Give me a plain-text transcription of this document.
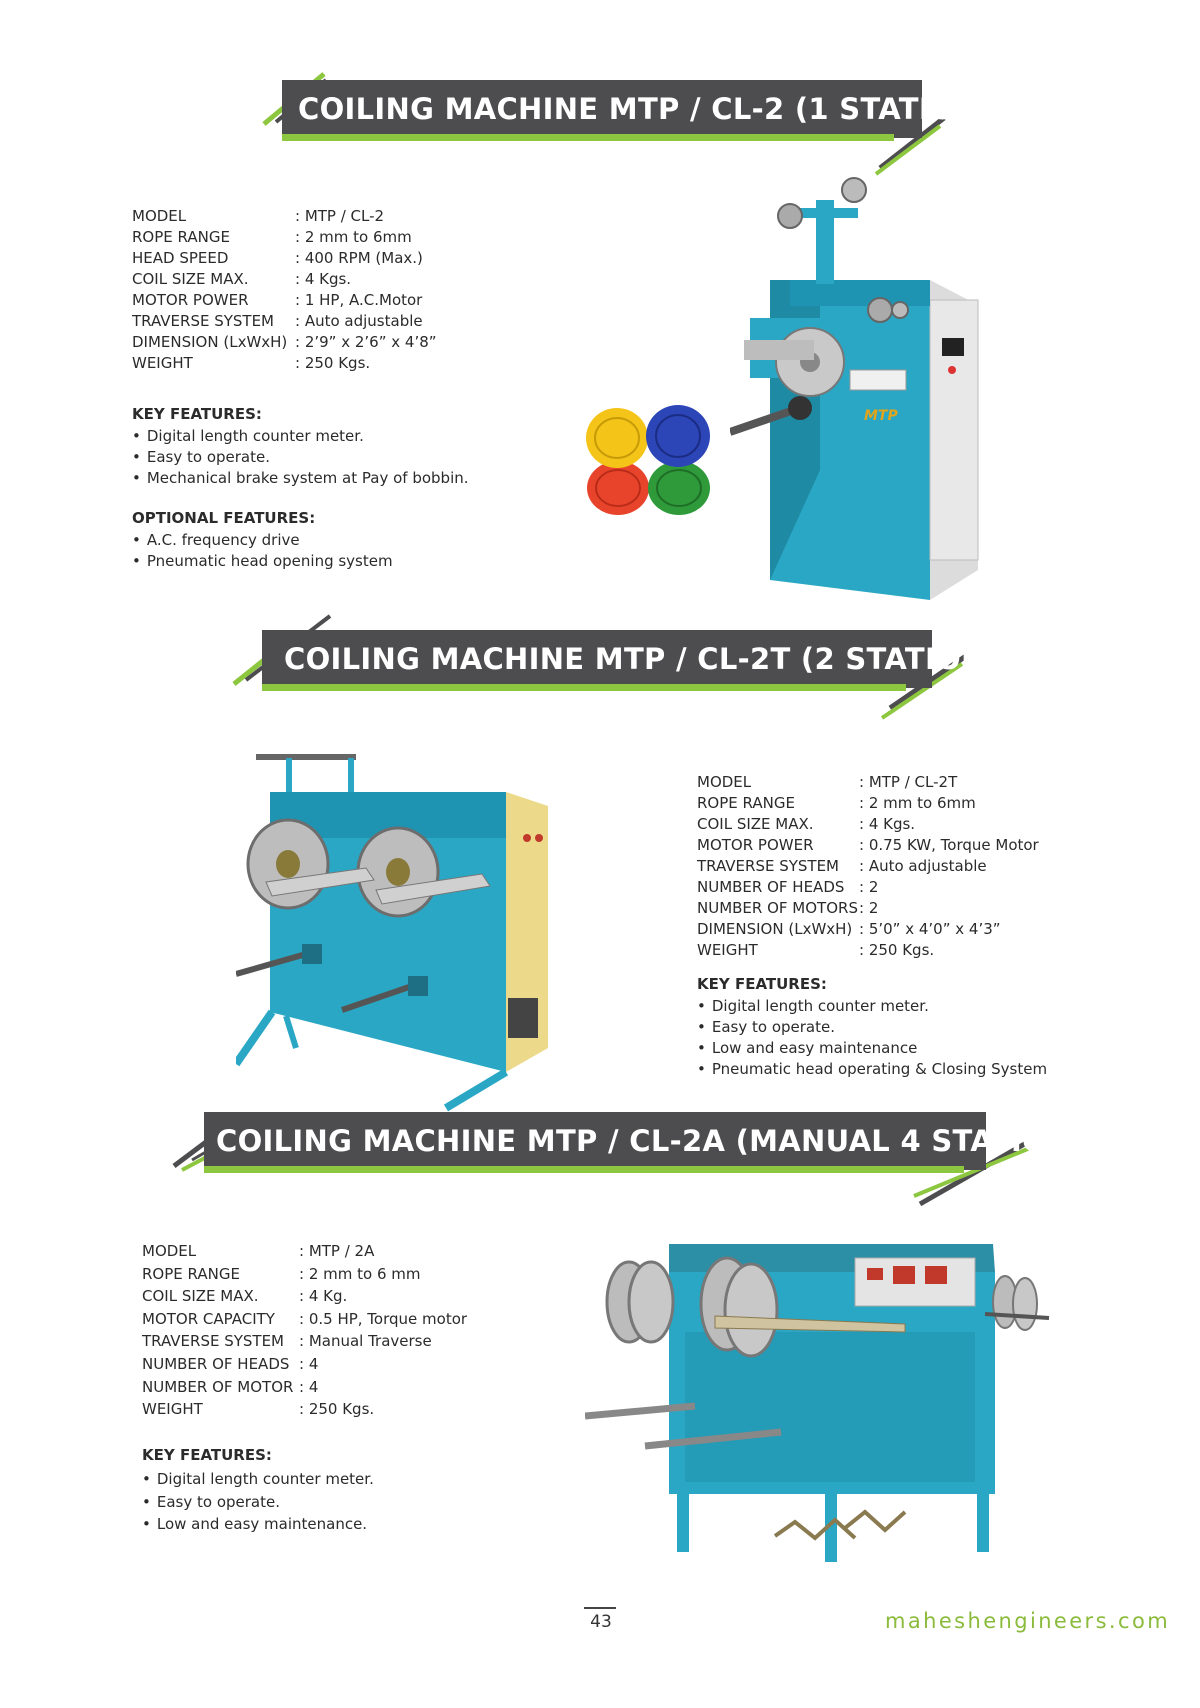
COILING MACHINE MTP / CL-2 (1 STATION)
MODEL	: MTP / CL-2
ROPE RANGE	: 2 mm to 6mm
HEAD SPEED	: 400 RPM (Max.)
COIL SIZE MAX.	: 4 Kgs.
MOTOR POWER	: 1 HP, A.C.Motor
TRAVERSE SYSTEM	: Auto adjustable
DIMENSION (LxWxH) : 2’9” x 2’6” x 4’8”
WEIGHT	: 250 Kgs.
KEY FEATURES:
• Digital length counter meter.
• Easy to operate.
• Mechanical brake system at Pay of bobbin.
OPTIONAL FEATURES:
• A.C. frequency drive
• Pneumatic head opening system
MTP
COILING MACHINE MTP / CL-2T (2 STATION)
MODEL	: MTP / CL-2T
ROPE RANGE	: 2 mm to 6mm
COIL SIZE MAX.	: 4 Kgs.
MOTOR POWER	: 0.75 KW, Torque Motor
TRAVERSE SYSTEM	: Auto adjustable
NUMBER OF HEADS : 2
NUMBER OF MOTORS : 2
DIMENSION (LxWxH) : 5’0” x 4’0” x 4’3”
WEIGHT	: 250 Kgs.
KEY FEATURES:
• Digital length counter meter.
• Easy to operate.
• Low and easy maintenance
• Pneumatic head operating & Closing System
COILING MACHINE MTP / CL-2A (MANUAL 4 STATION)
MODEL	: MTP / 2A
ROPE RANGE	: 2 mm to 6 mm
COIL SIZE MAX.	: 4 Kg.
MOTOR CAPACITY	: 0.5 HP, Torque motor
TRAVERSE SYSTEM	: Manual Traverse
NUMBER OF HEADS : 4
NUMBER OF MOTOR : 4
WEIGHT	: 250 Kgs.
KEY FEATURES:
• Digital length counter meter.
• Easy to operate.
• Low and easy maintenance.
43	maheshengineers.com
